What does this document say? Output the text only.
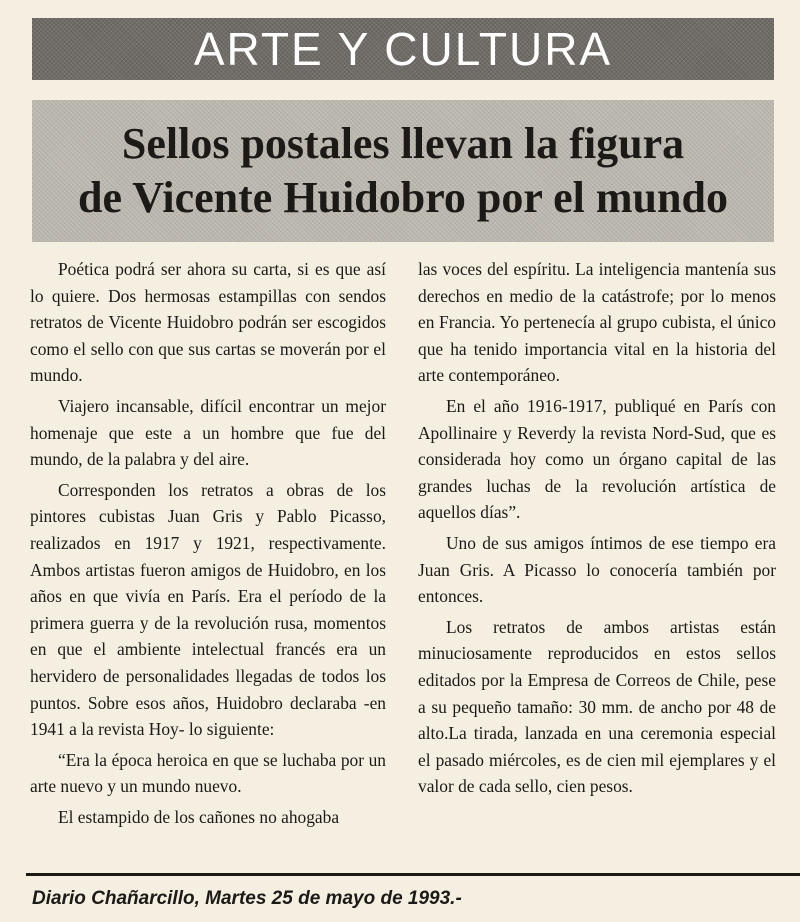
ARTE Y CULTURA
Sellos postales llevan la figura
de Vicente Huidobro por el mundo

Poética podrá ser ahora su carta, si es que así lo quiere. Dos hermosas estampillas con sendos retratos de Vicente Huidobro podrán ser escogidos como el sello con que sus cartas se moverán por el mundo.

Viajero incansable, difícil encontrar un mejor homenaje que este a un hombre que fue del mundo, de la palabra y del aire.

Corresponden los retratos a obras de los pintores cubistas Juan Gris y Pablo Picasso, realizados en 1917 y 1921, respectivamente. Ambos artistas fueron amigos de Huidobro, en los años en que vivía en París. Era el período de la primera guerra y de la revolución rusa, momentos en que el ambiente intelectual francés era un hervidero de personalidades llegadas de todos los puntos. Sobre esos años, Huidobro declaraba -en 1941 a la revista Hoy- lo siguiente:

“Era la época heroica en que se luchaba por un arte nuevo y un mundo nuevo.

El estampido de los cañones no ahogaba

las voces del espíritu. La inteligencia mantenía sus derechos en medio de la catástrofe; por lo menos en Francia. Yo pertenecía al grupo cubista, el único que ha tenido importancia vital en la historia del arte contemporáneo.

En el año 1916-1917, publiqué en París con Apollinaire y Reverdy la revista Nord-Sud, que es considerada hoy como un órgano capital de las grandes luchas de la revolución artística de aquellos días”.

Uno de sus amigos íntimos de ese tiempo era Juan Gris. A Picasso lo conocería también por entonces.

Los retratos de ambos artistas están minuciosamente reproducidos en estos sellos editados por la Empresa de Correos de Chile, pese a su pequeño tamaño: 30 mm. de ancho por 48 de alto.La tirada, lanzada en una ceremonia especial el pasado miércoles, es de cien mil ejemplares y el valor de cada sello, cien pesos.

Diario Chañarcillo, Martes 25 de mayo de 1993.-
